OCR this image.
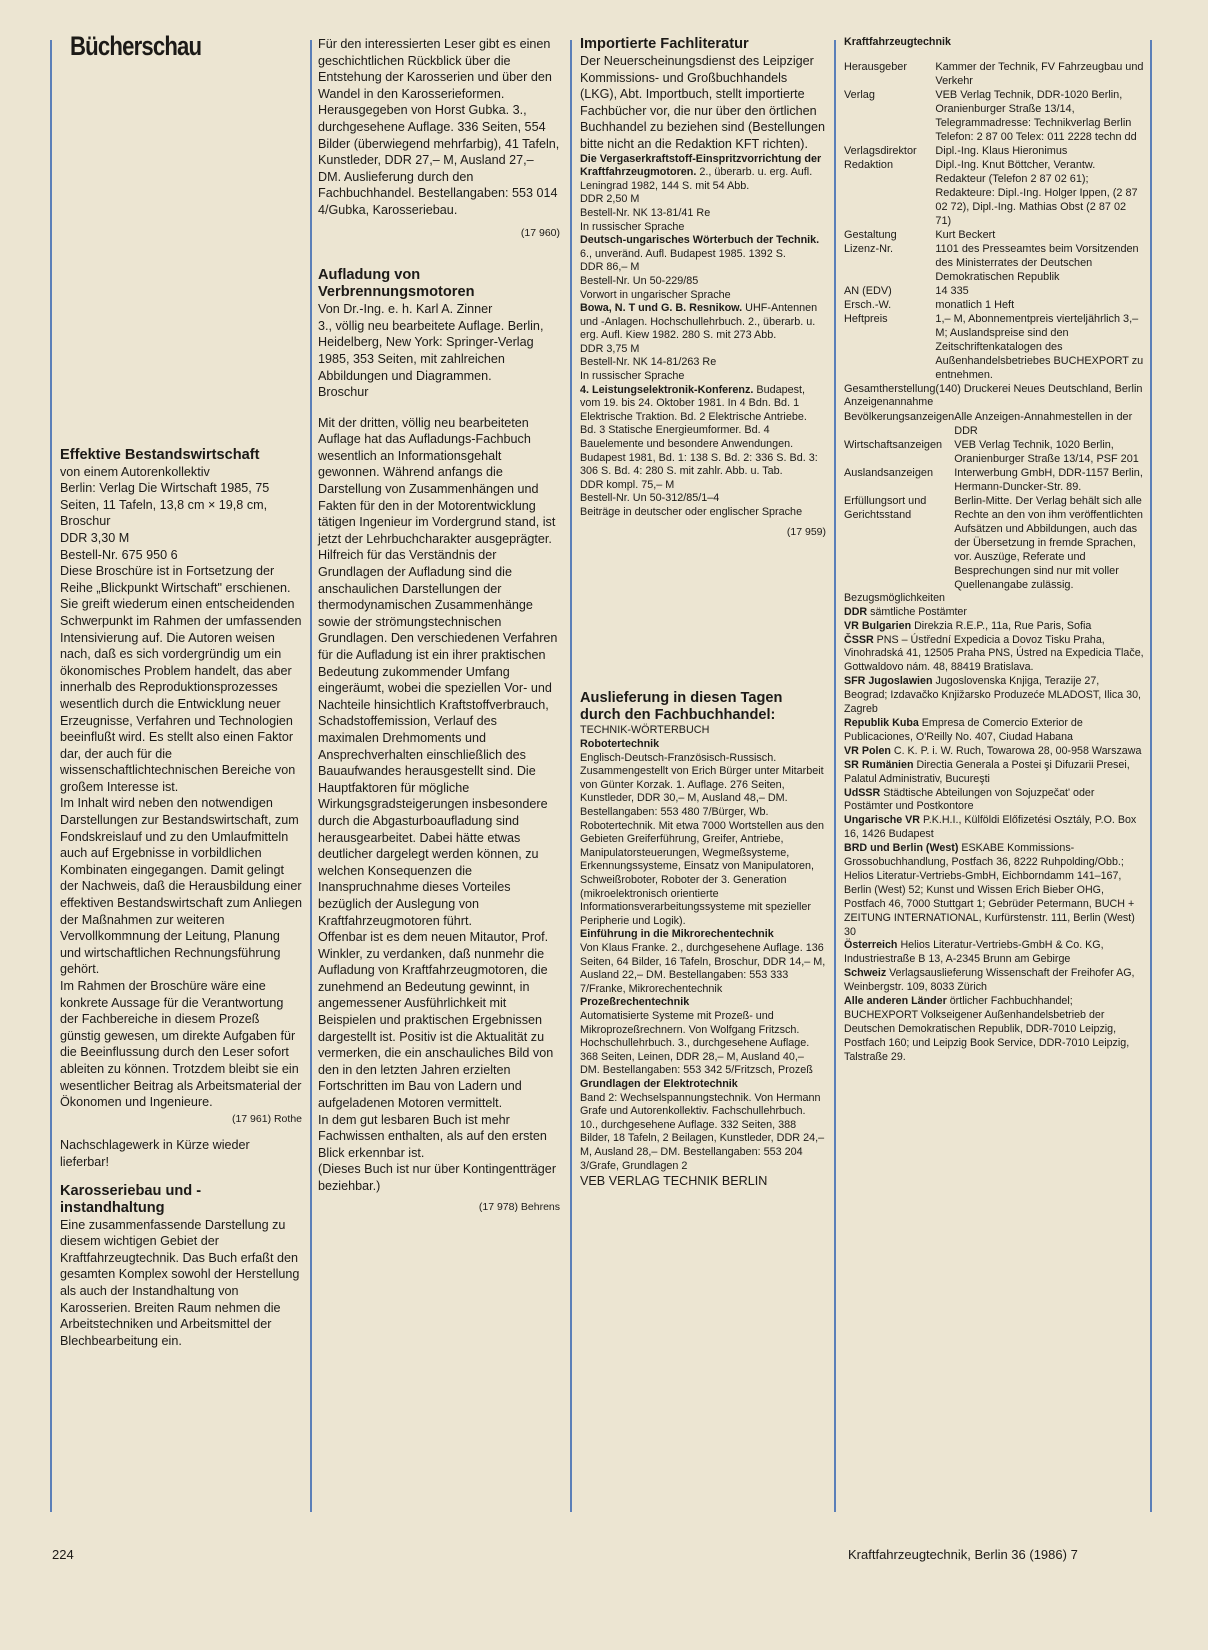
Bücherschau

Effektive Bestandswirtschaft

von einem Autorenkollektiv

Berlin: Verlag Die Wirtschaft 1985, 75 Seiten, 11 Tafeln, 13,8 cm × 19,8 cm, Broschur

DDR 3,30 M

Bestell-Nr. 675 950 6

Diese Broschüre ist in Fortsetzung der Reihe „Blickpunkt Wirtschaft" erschienen. Sie greift wiederum einen entscheidenden Schwerpunkt im Rahmen der umfassenden Intensivierung auf. Die Autoren weisen nach, daß es sich vordergründig um ein ökonomisches Problem handelt, das aber innerhalb des Reproduktionsprozesses wesentlich durch die Entwicklung neuer Erzeugnisse, Verfahren und Technologien beeinflußt wird. Es stellt also einen Faktor dar, der auch für die wissenschaftlichtechnischen Bereiche von großem Interesse ist.

Im Inhalt wird neben den notwendigen Darstellungen zur Bestandswirtschaft, zum Fondskreislauf und zu den Umlaufmitteln auch auf Ergebnisse in vorbildlichen Kombinaten eingegangen. Damit gelingt der Nachweis, daß die Herausbildung einer effektiven Bestandswirtschaft zum Anliegen der Maßnahmen zur weiteren Vervollkommnung der Leitung, Planung und wirtschaftlichen Rechnungsführung gehört.

Im Rahmen der Broschüre wäre eine konkrete Aussage für die Verantwortung der Fachbereiche in diesem Prozeß günstig gewesen, um direkte Aufgaben für die Beeinflussung durch den Leser sofort ableiten zu können. Trotzdem bleibt sie ein wesentlicher Beitrag als Arbeitsmaterial der Ökonomen und Ingenieure.

(17 961) Rothe

Nachschlagewerk in Kürze wieder lieferbar!

Karosseriebau und -instandhaltung

Eine zusammenfassende Darstellung zu diesem wichtigen Gebiet der Kraftfahrzeugtechnik. Das Buch erfaßt den gesamten Komplex sowohl der Herstellung als auch der Instandhaltung von Karosserien. Breiten Raum nehmen die Arbeitstechniken und Arbeitsmittel der Blechbearbeitung ein.

Für den interessierten Leser gibt es einen geschichtlichen Rückblick über die Entstehung der Karosserien und über den Wandel in den Karosserieformen.

Herausgegeben von Horst Gubka. 3., durchgesehene Auflage. 336 Seiten, 554 Bilder (überwiegend mehrfarbig), 41 Tafeln, Kunstleder, DDR 27,– M, Ausland 27,– DM. Auslieferung durch den Fachbuchhandel. Bestellangaben: 553 014 4/Gubka, Karosseriebau.

(17 960)

Aufladung von Verbrennungsmotoren

Von Dr.-Ing. e. h. Karl A. Zinner

3., völlig neu bearbeitete Auflage. Berlin, Heidelberg, New York: Springer-Verlag 1985, 353 Seiten, mit zahlreichen Abbildungen und Diagrammen.

Broschur

Mit der dritten, völlig neu bearbeiteten Auflage hat das Aufladungs-Fachbuch wesentlich an Informationsgehalt gewonnen. Während anfangs die Darstellung von Zusammenhängen und Fakten für den in der Motorentwicklung tätigen Ingenieur im Vordergrund stand, ist jetzt der Lehrbuchcharakter ausgeprägter.

Hilfreich für das Verständnis der Grundlagen der Aufladung sind die anschaulichen Darstellungen der thermodynamischen Zusammenhänge sowie der strömungstechnischen Grundlagen. Den verschiedenen Verfahren für die Aufladung ist ein ihrer praktischen Bedeutung zukommender Umfang eingeräumt, wobei die speziellen Vor- und Nachteile hinsichtlich Kraftstoffverbrauch, Schadstoffemission, Verlauf des maximalen Drehmoments und Ansprechverhalten einschließlich des Bauaufwandes herausgestellt sind. Die Hauptfaktoren für mögliche Wirkungsgradsteigerungen insbesondere durch die Abgasturboaufladung sind herausgearbeitet. Dabei hätte etwas deutlicher dargelegt werden können, zu welchen Konsequenzen die Inanspruchnahme dieses Vorteiles bezüglich der Auslegung von Kraftfahrzeugmotoren führt.

Offenbar ist es dem neuen Mitautor, Prof. Winkler, zu verdanken, daß nunmehr die Aufladung von Kraftfahrzeugmotoren, die zunehmend an Bedeutung gewinnt, in angemessener Ausführlichkeit mit Beispielen und praktischen Ergebnissen dargestellt ist. Positiv ist die Aktualität zu vermerken, die ein anschauliches Bild von den in den letzten Jahren erzielten Fortschritten im Bau von Ladern und aufgeladenen Motoren vermittelt.

In dem gut lesbaren Buch ist mehr Fachwissen enthalten, als auf den ersten Blick erkennbar ist.

(Dieses Buch ist nur über Kontingentträger beziehbar.)

(17 978) Behrens

Importierte Fachliteratur

Der Neuerscheinungsdienst des Leipziger Kommissions- und Großbuchhandels (LKG), Abt. Importbuch, stellt importierte Fachbücher vor, die nur über den örtlichen Buchhandel zu beziehen sind (Bestellungen bitte nicht an die Redaktion KFT richten).

Die Vergaserkraftstoff-Einspritzvorrichtung der Kraftfahrzeugmotoren. 2., überarb. u. erg. Aufl. Leningrad 1982, 144 S. mit 54 Abb.

DDR 2,50 M

Bestell-Nr. NK 13-81/41 Re

In russischer Sprache

Deutsch-ungarisches Wörterbuch der Technik. 6., unveränd. Aufl. Budapest 1985. 1392 S.

DDR 86,– M

Bestell-Nr. Un 50-229/85

Vorwort in ungarischer Sprache

Bowa, N. T und G. B. Resnikow. UHF-Antennen und -Anlagen. Hochschullehrbuch. 2., überarb. u. erg. Aufl. Kiew 1982. 280 S. mit 273 Abb.

DDR 3,75 M

Bestell-Nr. NK 14-81/263 Re

In russischer Sprache

4. Leistungselektronik-Konferenz. Budapest, vom 19. bis 24. Oktober 1981. In 4 Bdn. Bd. 1 Elektrische Traktion. Bd. 2 Elektrische Antriebe. Bd. 3 Statische Energieumformer. Bd. 4 Bauelemente und besondere Anwendungen. Budapest 1981, Bd. 1: 138 S. Bd. 2: 336 S. Bd. 3: 306 S. Bd. 4: 280 S. mit zahlr. Abb. u. Tab.

DDR kompl. 75,– M

Bestell-Nr. Un 50-312/85/1–4

Beiträge in deutscher oder englischer Sprache

(17 959)

Auslieferung in diesen Tagen durch den Fachbuchhandel:

TECHNIK-WÖRTERBUCH

Robotertechnik

Englisch-Deutsch-Französisch-Russisch. Zusammengestellt von Erich Bürger unter Mitarbeit von Günter Korzak. 1. Auflage. 276 Seiten, Kunstleder, DDR 30,– M, Ausland 48,– DM. Bestellangaben: 553 480 7/Bürger, Wb. Robotertechnik. Mit etwa 7000 Wortstellen aus den Gebieten Greiferführung, Greifer, Antriebe, Manipulatorsteuerungen, Wegmeßsysteme, Erkennungssysteme, Einsatz von Manipulatoren, Schweißroboter, Roboter der 3. Generation (mikroelektronisch orientierte Informationsverarbeitungssysteme mit spezieller Peripherie und Logik).

Einführung in die Mikrorechentechnik

Von Klaus Franke. 2., durchgesehene Auflage. 136 Seiten, 64 Bilder, 16 Tafeln, Broschur, DDR 14,– M, Ausland 22,– DM. Bestellangaben: 553 333 7/Franke, Mikrorechentechnik

Prozeßrechentechnik

Automatisierte Systeme mit Prozeß- und Mikroprozeßrechnern. Von Wolfgang Fritzsch. Hochschullehrbuch. 3., durchgesehene Auflage. 368 Seiten, Leinen, DDR 28,– M, Ausland 40,– DM. Bestellangaben: 553 342 5/Fritzsch, Prozeß

Grundlagen der Elektrotechnik

Band 2: Wechselspannungstechnik. Von Hermann Grafe und Autorenkollektiv. Fachschullehrbuch. 10., durchgesehene Auflage. 332 Seiten, 388 Bilder, 18 Tafeln, 2 Beilagen, Kunstleder, DDR 24,– M, Ausland 28,– DM. Bestellangaben: 553 204 3/Grafe, Grundlagen 2

VEB VERLAG TECHNIK BERLIN

Kraftfahrzeugtechnik

Herausgeber	Kammer der Technik, FV Fahrzeugbau und Verkehr
Verlag	VEB Verlag Technik, DDR-1020 Berlin, Oranienburger Straße 13/14, Telegrammadresse: Technikverlag Berlin Telefon: 2 87 00 Telex: 011 2228 techn dd
Verlagsdirektor	Dipl.-Ing. Klaus Hieronimus
Redaktion	Dipl.-Ing. Knut Böttcher, Verantw. Redakteur (Telefon 2 87 02 61); Redakteure: Dipl.-Ing. Holger Ippen, (2 87 02 72), Dipl.-Ing. Mathias Obst (2 87 02 71)
Gestaltung	Kurt Beckert
Lizenz-Nr.	1101 des Presseamtes beim Vorsitzenden des Ministerrates der Deutschen Demokratischen Republik
AN (EDV)	14 335
Ersch.-W.	monatlich 1 Heft
Heftpreis	1,– M, Abonnementpreis vierteljährlich 3,– M; Auslandspreise sind den Zeitschriftenkatalogen des Außenhandelsbetriebes BUCHEXPORT zu entnehmen.
Gesamtherstellung	(140) Druckerei Neues Deutschland, Berlin

Anzeigenannahme

Bevölkerungsanzeigen	Alle Anzeigen-Annahmestellen in der DDR
Wirtschaftsanzeigen	VEB Verlag Technik, 1020 Berlin, Oranienburger Straße 13/14, PSF 201
Auslandsanzeigen	Interwerbung GmbH, DDR-1157 Berlin, Hermann-Duncker-Str. 89.
Erfüllungsort und Gerichtsstand	Berlin-Mitte. Der Verlag behält sich alle Rechte an den von ihm veröffentlichten Aufsätzen und Abbildungen, auch das der Übersetzung in fremde Sprachen, vor. Auszüge, Referate und Besprechungen sind nur mit voller Quellenangabe zulässig.

Bezugsmöglichkeiten

DDR sämtliche Postämter

VR Bulgarien Direkzia R.E.P., 11a, Rue Paris, Sofia

ČSSR PNS – Ústřední Expedicia a Dovoz Tisku Praha, Vinohradská 41, 12505 Praha PNS, Ústred na Expedicia Tlače, Gottwaldovo nám. 48, 88419 Bratislava.

SFR Jugoslawien Jugoslovenska Knjiga, Terazije 27, Beograd; Izdavačko Knjižarsko Produzeće MLADOST, Ilica 30, Zagreb

Republik Kuba Empresa de Comercio Exterior de Publicaciones, O'Reilly No. 407, Ciudad Habana

VR Polen C. K. P. i. W. Ruch, Towarowa 28, 00-958 Warszawa

SR Rumänien Directia Generala a Postei şi Difuzarii Presei, Palatul Administrativ, Bucureşti

UdSSR Städtische Abteilungen von Sojuzpečat' oder Postämter und Postkontore

Ungarische VR P.K.H.I., Külföldi Előfizetési Osztály, P.O. Box 16, 1426 Budapest

BRD und Berlin (West) ESKABE Kommissions-Grossobuchhandlung, Postfach 36, 8222 Ruhpolding/Obb.; Helios Literatur-Vertriebs-GmbH, Eichborndamm 141–167, Berlin (West) 52; Kunst und Wissen Erich Bieber OHG, Postfach 46, 7000 Stuttgart 1; Gebrüder Petermann, BUCH + ZEITUNG INTERNATIONAL, Kurfürstenstr. 111, Berlin (West) 30

Österreich Helios Literatur-Vertriebs-GmbH & Co. KG, Industriestraße B 13, A-2345 Brunn am Gebirge

Schweiz Verlagsauslieferung Wissenschaft der Freihofer AG, Weinbergstr. 109, 8033 Zürich

Alle anderen Länder örtlicher Fachbuchhandel; BUCHEXPORT Volkseigener Außenhandelsbetrieb der Deutschen Demokratischen Republik, DDR-7010 Leipzig, Postfach 160; und Leipzig Book Service, DDR-7010 Leipzig, Talstraße 29.

224	Kraftfahrzeugtechnik, Berlin 36 (1986) 7
